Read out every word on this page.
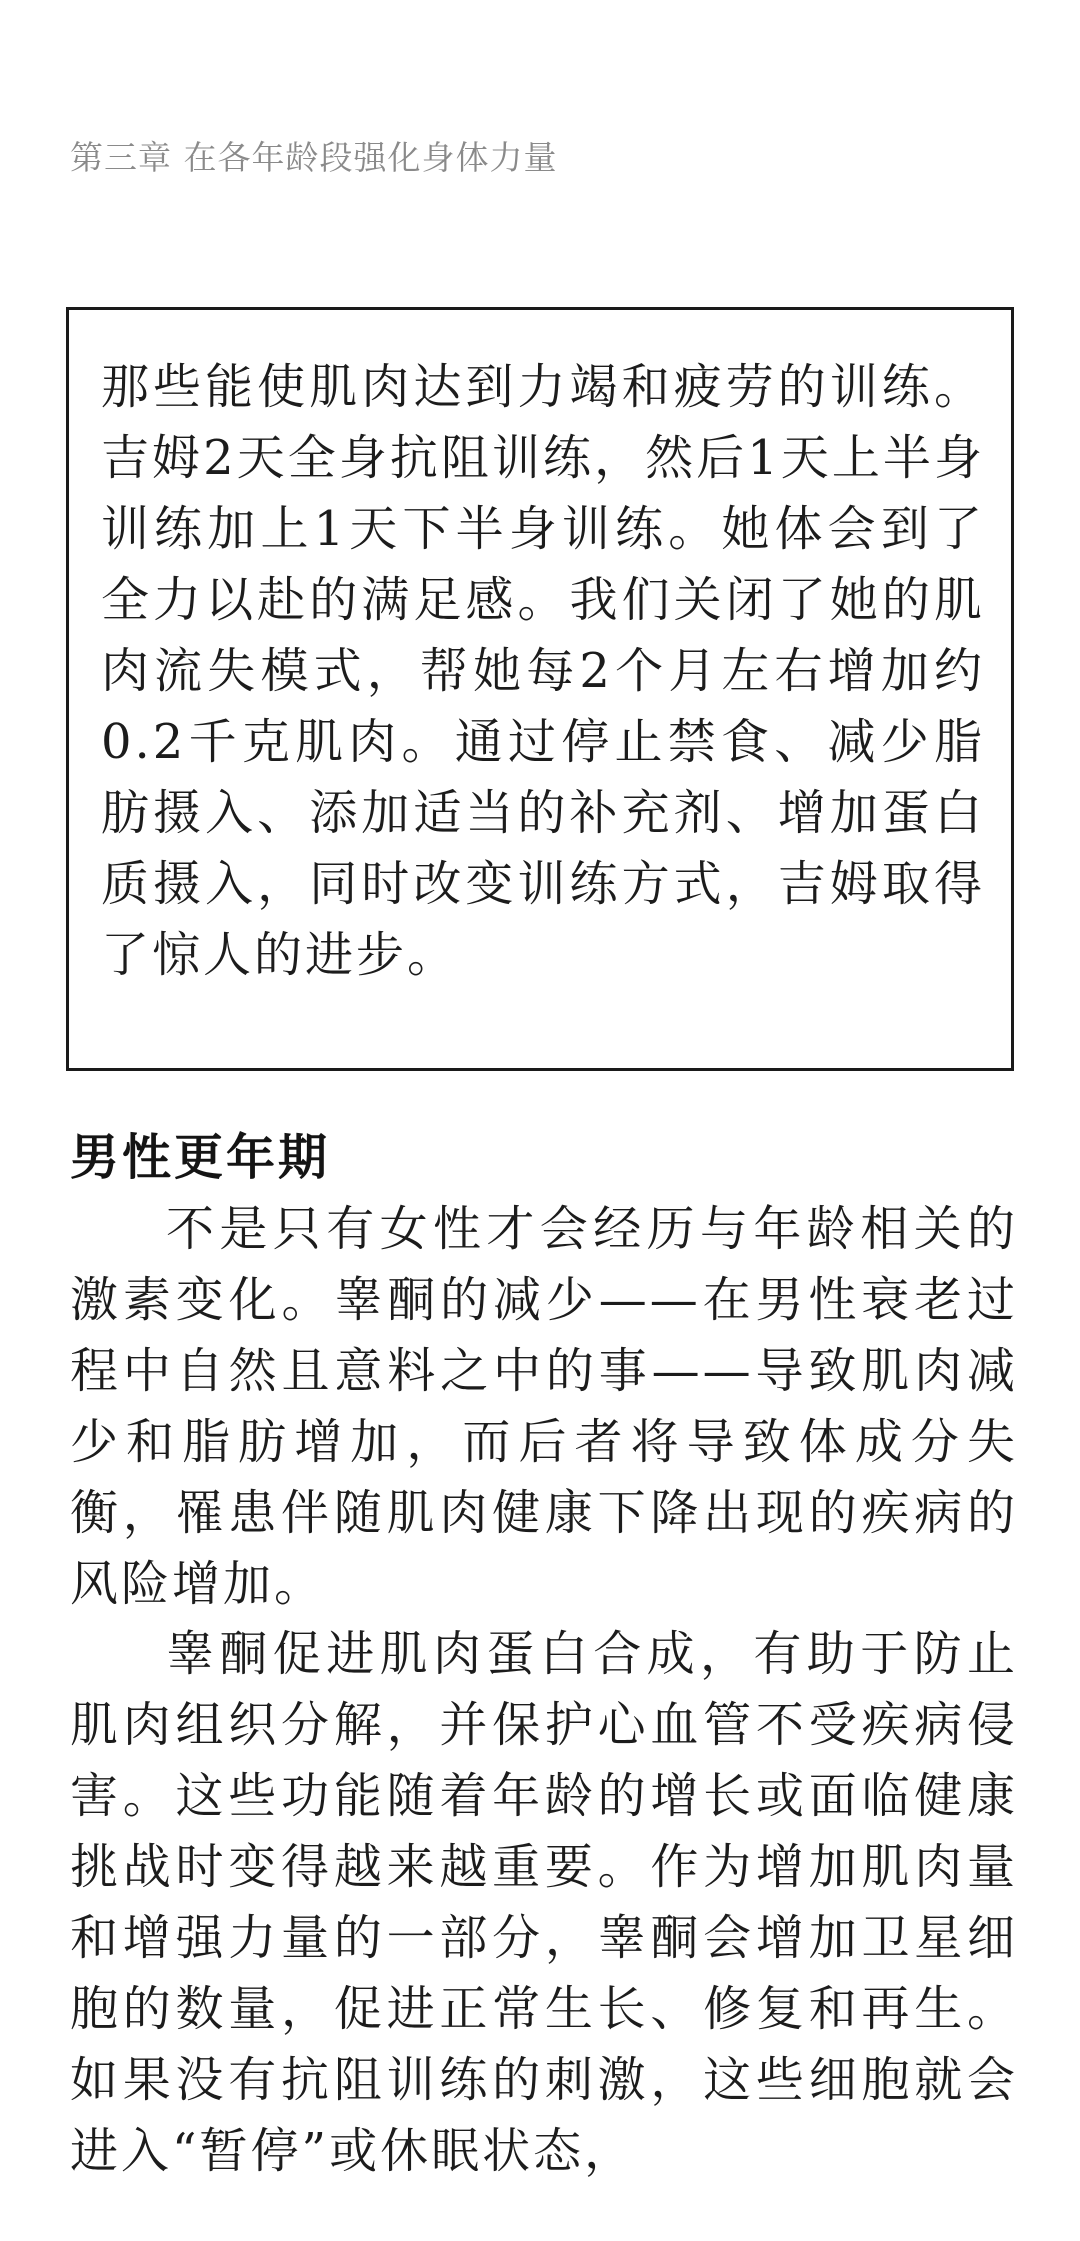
第三章 在各年龄段强化身体力量

那些能使肌肉达到力竭和疲劳的训练。吉姆2天全身抗阻训练，然后1天上半身训练加上1天下半身训练。她体会到了全力以赴的满足感。我们关闭了她的肌肉流失模式，帮她每2个月左右增加约0.2千克肌肉。通过停止禁食、减少脂肪摄入、添加适当的补充剂、增加蛋白质摄入，同时改变训练方式，吉姆取得了惊人的进步。

男性更年期

不是只有女性才会经历与年龄相关的激素变化。睾酮的减少——在男性衰老过程中自然且意料之中的事——导致肌肉减少和脂肪增加，而后者将导致体成分失衡，罹患伴随肌肉健康下降出现的疾病的风险增加。

睾酮促进肌肉蛋白合成，有助于防止肌肉组织分解，并保护心血管不受疾病侵害。这些功能随着年龄的增长或面临健康挑战时变得越来越重要。作为增加肌肉量和增强力量的一部分，睾酮会增加卫星细胞的数量，促进正常生长、修复和再生。如果没有抗阻训练的刺激，这些细胞就会进入“暂停”或休眠状态，
